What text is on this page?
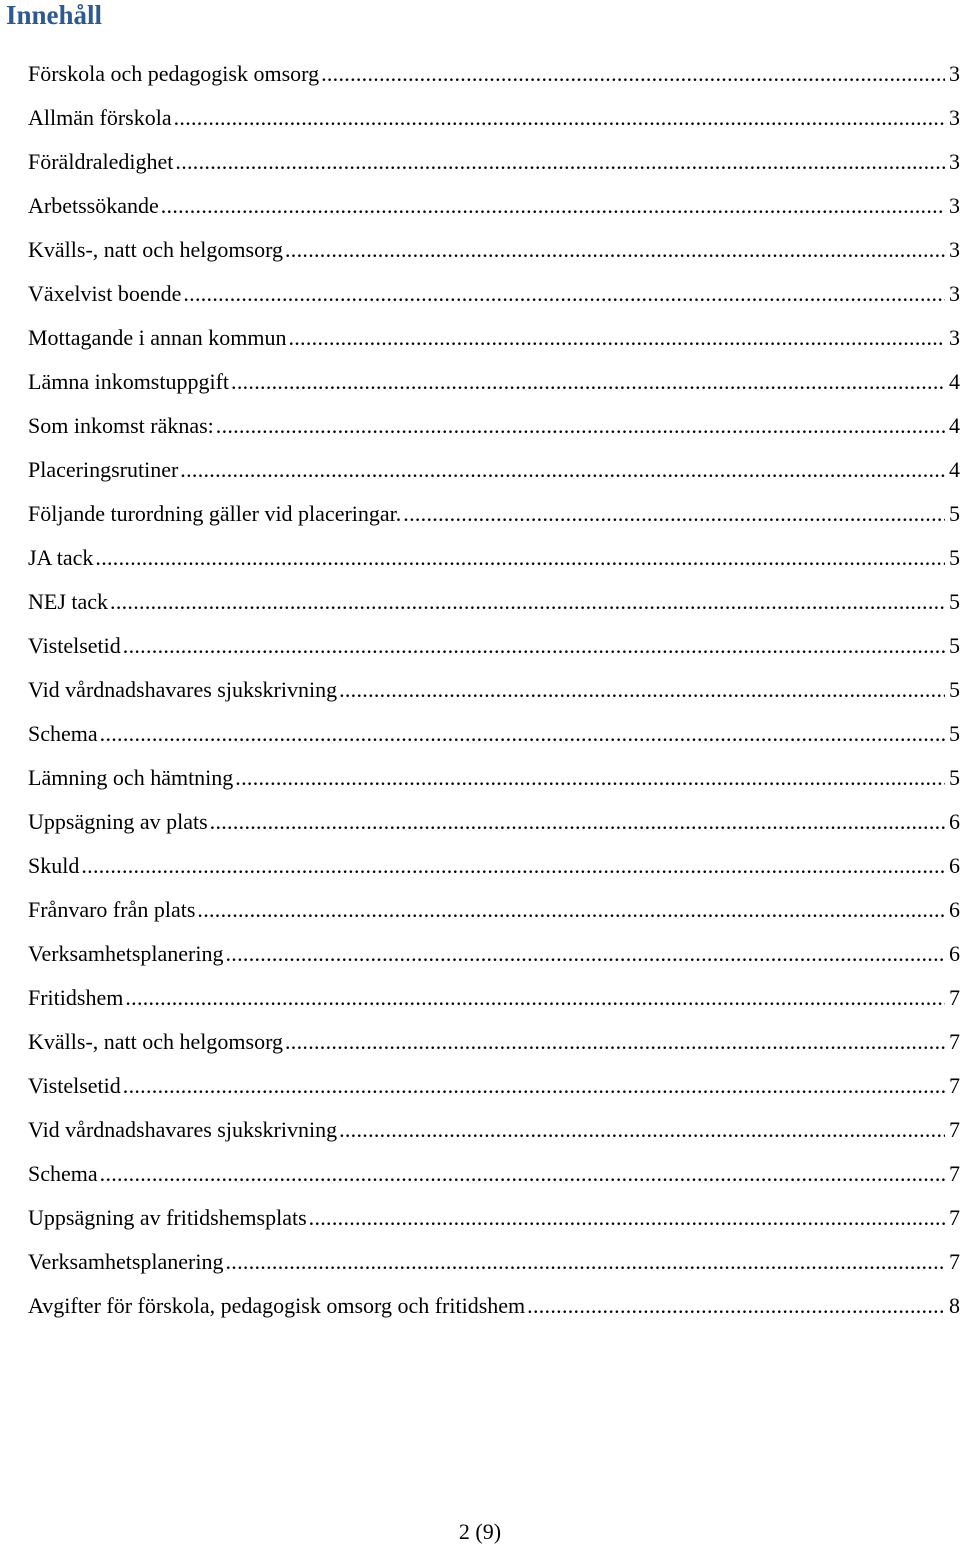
Innehåll
Förskola och pedagogisk omsorg . . .	3
Allmän förskola . . .	3
Föräldraledighet . . .	3
Arbetssökande . . .	3
Kvälls-, natt och helgomsorg . . .	3
Växelvist boende . . .	3
Mottagande i annan kommun . . .	3
Lämna inkomstuppgift . . .	4
Som inkomst räknas: . . .	4
Placeringsrutiner . . .	4
Följande turordning gäller vid placeringar. . . .	5
JA tack . . .	5
NEJ tack . . .	5
Vistelsetid . . .	5
Vid vårdnadshavares sjukskrivning . . .	5
Schema . . .	5
Lämning och hämtning . . .	5
Uppsägning av plats . . .	6
Skuld . . .	6
Frånvaro från plats . . .	6
Verksamhetsplanering . . .	6
Fritidshem . . .	7
Kvälls-, natt och helgomsorg . . .	7
Vistelsetid . . .	7
Vid vårdnadshavares sjukskrivning . . .	7
Schema . . .	7
Uppsägning av fritidshemsplats . . .	7
Verksamhetsplanering . . .	7
Avgifter för förskola, pedagogisk omsorg och fritidshem . . .	8
2 (9)
